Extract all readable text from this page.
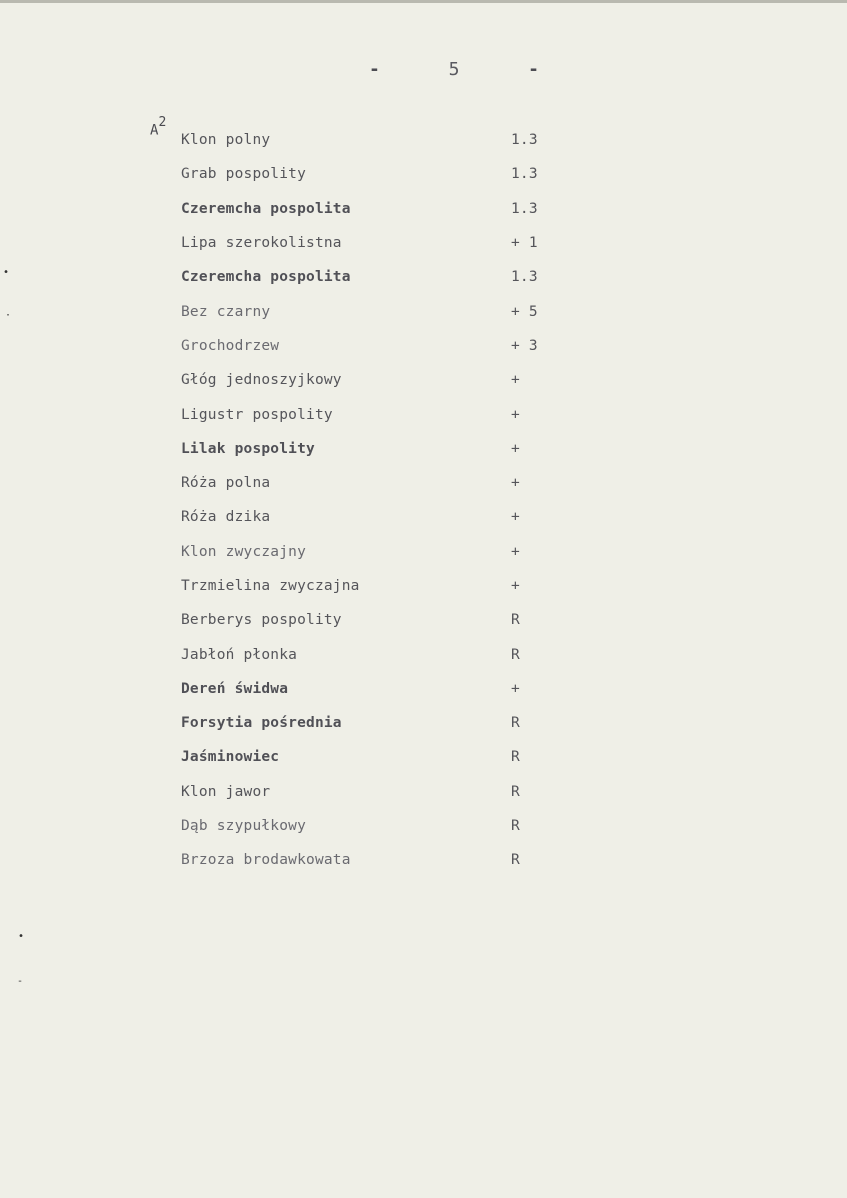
-	5	-
$A^2$
Klon polny	1.3
Grab pospolity	1.3
Czeremcha pospolita	1.3
Lipa szerokolistna	+ 1
Czeremcha pospolita	1.3
Bez czarny	+ 5
Grochodrzew	+ 3
Głóg jednoszyjkowy	+
Ligustr pospolity	+
Lilak pospolity	+
Róża polna	+
Róża dzika	+
Klon zwyczajny	+
Trzmielina zwyczajna	+
Berberys pospolity	R
Jabłoń płonka	R
Dereń świdwa	+
Forsytia pośrednia	R
Jaśminowiec	R
Klon jawor	R
Dąb szypułkowy	R
Brzoza brodawkowata	R
•
·
•
-
